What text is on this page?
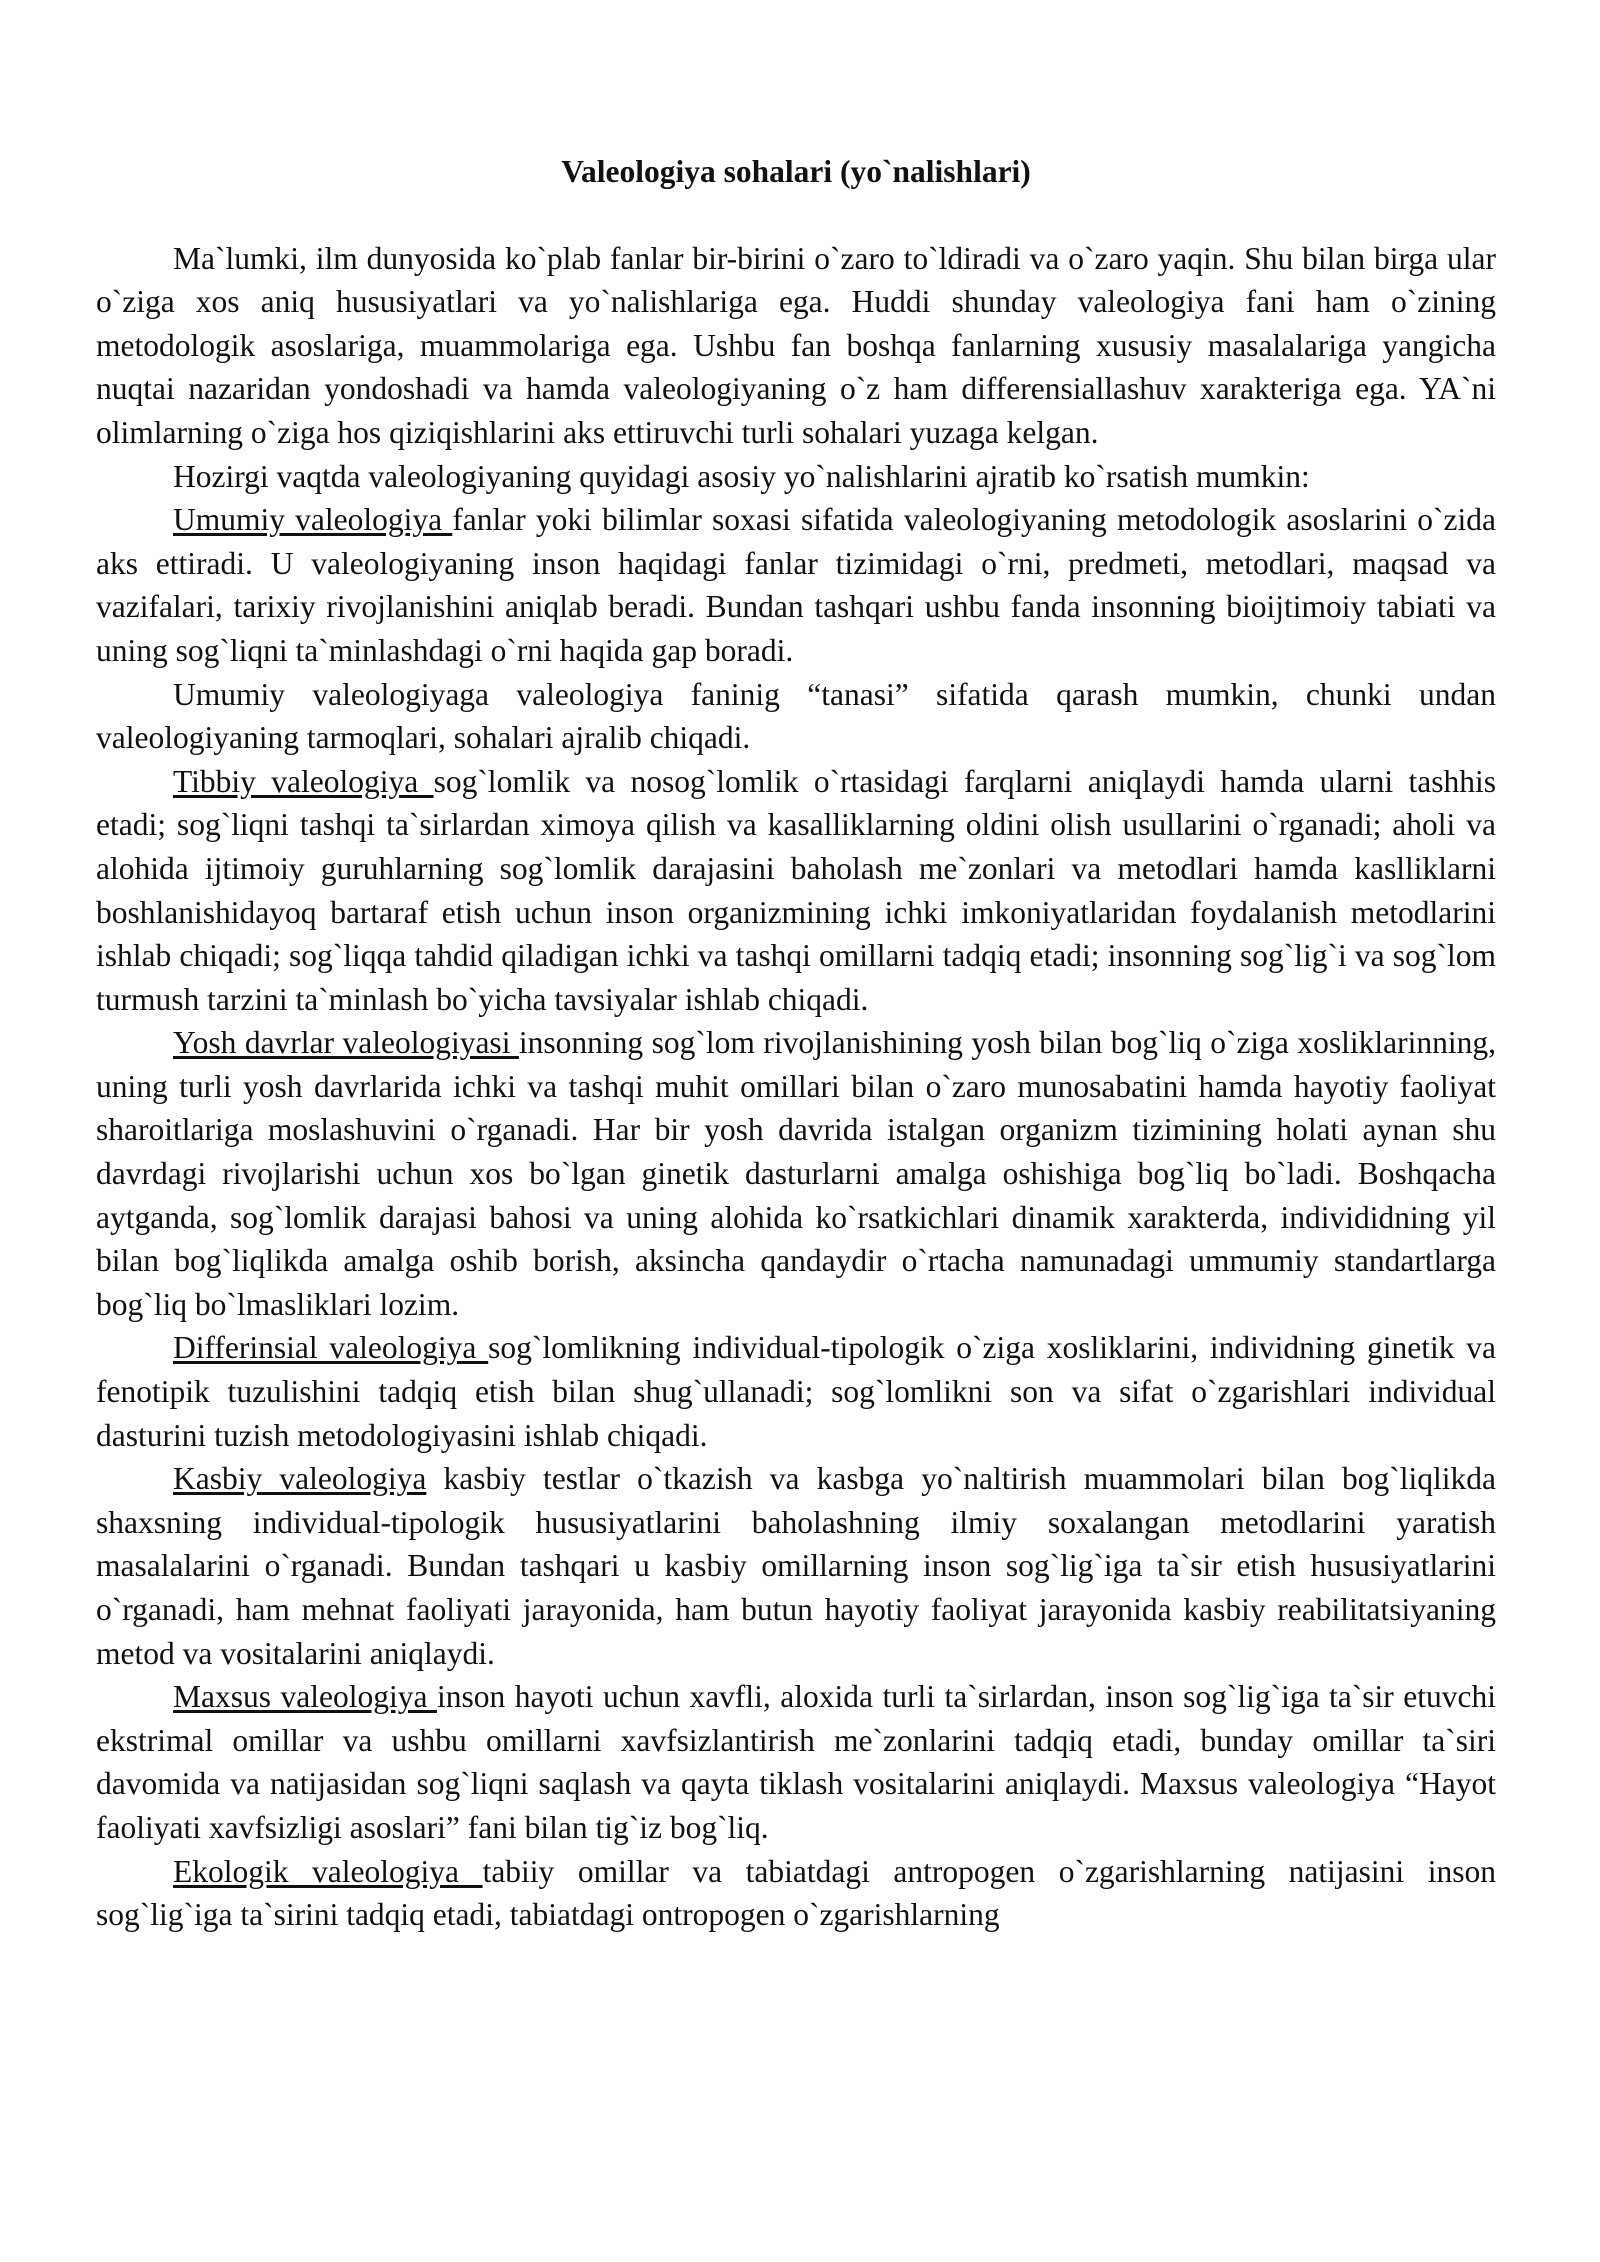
Valeologiya sohalari (yo`nalishlari)

Ma`lumki, ilm dunyosida ko`plab fanlar bir-birini o`zaro to`ldiradi va o`zaro yaqin. Shu bilan birga ular o`ziga xos aniq hususiyatlari va yo`nalishlariga ega. Huddi shunday valeologiya fani ham o`zining metodologik asoslariga, muammolariga ega. Ushbu fan boshqa fanlarning xususiy masalalariga yangicha nuqtai nazaridan yondoshadi va hamda valeologiyaning o`z ham differensiallashuv xarakteriga ega. YA`ni olimlarning o`ziga hos qiziqishlarini aks ettiruvchi turli sohalari yuzaga kelgan.

Hozirgi vaqtda valeologiyaning quyidagi asosiy yo`nalishlarini ajratib ko`rsatish mumkin:

Umumiy valeologiya fanlar yoki bilimlar soxasi sifatida valeologiyaning metodologik asoslarini o`zida aks ettiradi. U valeologiyaning inson haqidagi fanlar tizimidagi o`rni, predmeti, metodlari, maqsad va vazifalari, tarixiy rivojlanishini aniqlab beradi. Bundan tashqari ushbu fanda insonning bioijtimoiy tabiati va uning sog`liqni ta`minlashdagi o`rni haqida gap boradi.

Umumiy valeologiyaga valeologiya faninig “tanasi” sifatida qarash mumkin, chunki undan valeologiyaning tarmoqlari, sohalari ajralib chiqadi.

Tibbiy valeologiya sog`lomlik va nosog`lomlik o`rtasidagi farqlarni aniqlaydi hamda ularni tashhis etadi; sog`liqni tashqi ta`sirlardan ximoya qilish va kasalliklarning oldini olish usullarini o`rganadi; aholi va alohida ijtimoiy guruhlarning sog`lomlik darajasini baholash me`zonlari va metodlari hamda kaslliklarni boshlanishidayoq bartaraf etish uchun inson organizmining ichki imkoniyatlaridan foydalanish metodlarini ishlab chiqadi; sog`liqqa tahdid qiladigan ichki va tashqi omillarni tadqiq etadi; insonning sog`lig`i va sog`lom turmush tarzini ta`minlash bo`yicha tavsiyalar ishlab chiqadi.

Yosh davrlar valeologiyasi insonning sog`lom rivojlanishining yosh bilan bog`liq o`ziga xosliklarinning, uning turli yosh davrlarida ichki va tashqi muhit omillari bilan o`zaro munosabatini hamda hayotiy faoliyat sharoitlariga moslashuvini o`rganadi. Har bir yosh davrida istalgan organizm tizimining holati aynan shu davrdagi rivojlarishi uchun xos bo`lgan ginetik dasturlarni amalga oshishiga bog`liq bo`ladi. Boshqacha aytganda, sog`lomlik darajasi bahosi va uning alohida ko`rsatkichlari dinamik xarakterda, individidning yil bilan bog`liqlikda amalga oshib borish, aksincha qandaydir o`rtacha namunadagi ummumiy standartlarga bog`liq bo`lmasliklari lozim.

Differinsial valeologiya sog`lomlikning individual-tipologik o`ziga xosliklarini, individning ginetik va fenotipik tuzulishini tadqiq etish bilan shug`ullanadi; sog`lomlikni son va sifat o`zgarishlari individual dasturini tuzish metodologiyasini ishlab chiqadi.

Kasbiy valeologiya kasbiy testlar o`tkazish va kasbga yo`naltirish muammolari bilan bog`liqlikda shaxsning individual-tipologik hususiyatlarini baholashning ilmiy soxalangan metodlarini yaratish masalalarini o`rganadi. Bundan tashqari u kasbiy omillarning inson sog`lig`iga ta`sir etish hususiyatlarini o`rganadi, ham mehnat faoliyati jarayonida, ham butun hayotiy faoliyat jarayonida kasbiy reabilitatsiyaning metod va vositalarini aniqlaydi.

Maxsus valeologiya inson hayoti uchun xavfli, aloxida turli ta`sirlardan, inson sog`lig`iga ta`sir etuvchi ekstrimal omillar va ushbu omillarni xavfsizlantirish me`zonlarini tadqiq etadi, bunday omillar ta`siri davomida va natijasidan sog`liqni saqlash va qayta tiklash vositalarini aniqlaydi. Maxsus valeologiya “Hayot faoliyati xavfsizligi asoslari” fani bilan tig`iz bog`liq.

Ekologik valeologiya tabiiy omillar va tabiatdagi antropogen o`zgarishlarning natijasini inson sog`lig`iga ta`sirini tadqiq etadi, tabiatdagi ontropogen o`zgarishlarning
